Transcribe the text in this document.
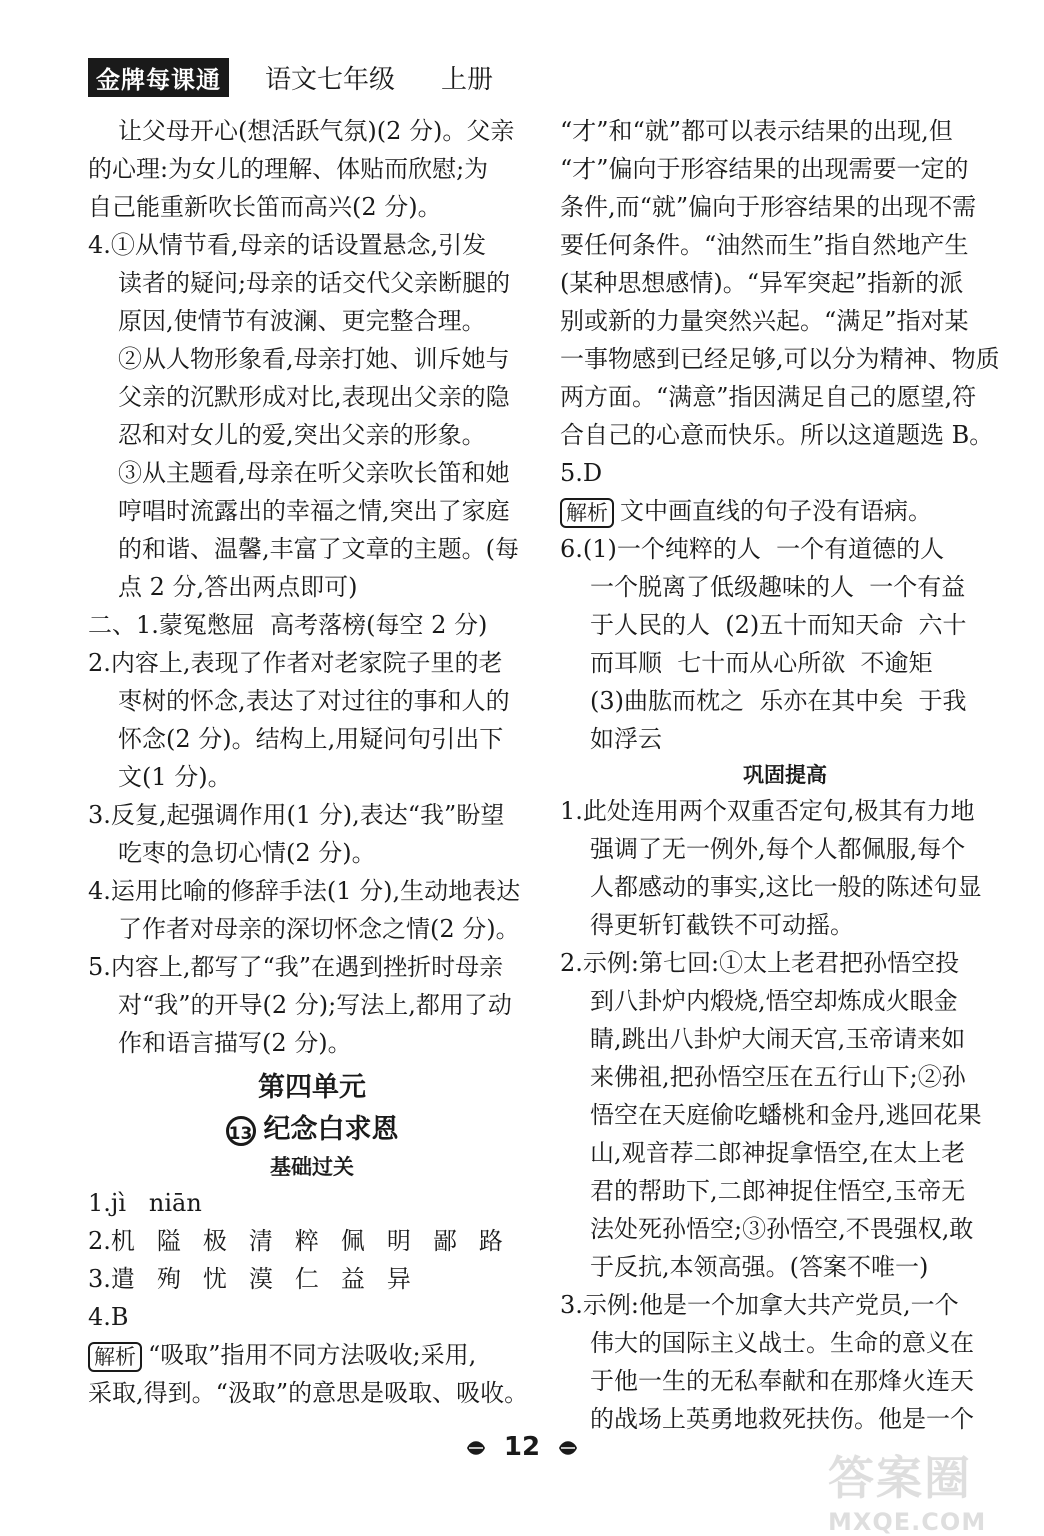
金牌每课通	语文七年级 上册
让父母开心(想活跃气氛)(2 分)。父亲
的心理:为女儿的理解、体贴而欣慰;为
自己能重新吹长笛而高兴(2 分)。
4.①从情节看,母亲的话设置悬念,引发
读者的疑问;母亲的话交代父亲断腿的
原因,使情节有波澜、更完整合理。
②从人物形象看,母亲打她、训斥她与
父亲的沉默形成对比,表现出父亲的隐
忍和对女儿的爱,突出父亲的形象。
③从主题看,母亲在听父亲吹长笛和她
哼唱时流露出的幸福之情,突出了家庭
的和谐、温馨,丰富了文章的主题。(每
点 2 分,答出两点即可)
二、1.蒙冤憋屈  高考落榜(每空 2 分)
2.内容上,表现了作者对老家院子里的老
枣树的怀念,表达了对过往的事和人的
怀念(2 分)。结构上,用疑问句引出下
文(1 分)。
3.反复,起强调作用(1 分),表达“我”盼望
吃枣的急切心情(2 分)。
4.运用比喻的修辞手法(1 分),生动地表达
了作者对母亲的深切怀念之情(2 分)。
5.内容上,都写了“我”在遇到挫折时母亲
对“我”的开导(2 分);写法上,都用了动
作和语言描写(2 分)。
第四单元
13 纪念白求恩
基础过关
1.jì   niān
2.机 隘 极 清 粹 佩 明 鄙 路
3.遣 殉 忧 漠 仁 益 异
4.B
解析 “吸取”指用不同方法吸收;采用,
采取,得到。“汲取”的意思是吸取、吸收。
“才”和“就”都可以表示结果的出现,但
“才”偏向于形容结果的出现需要一定的
条件,而“就”偏向于形容结果的出现不需
要任何条件。“油然而生”指自然地产生
(某种思想感情)。“异军突起”指新的派
别或新的力量突然兴起。“满足”指对某
一事物感到已经足够,可以分为精神、物质
两方面。“满意”指因满足自己的愿望,符
合自己的心意而快乐。所以这道题选 B。
5.D
解析 文中画直线的句子没有语病。
6.(1)一个纯粹的人  一个有道德的人
一个脱离了低级趣味的人  一个有益
于人民的人  (2)五十而知天命  六十
而耳顺  七十而从心所欲  不逾矩
(3)曲肱而枕之  乐亦在其中矣  于我
如浮云
巩固提高
1.此处连用两个双重否定句,极其有力地
强调了无一例外,每个人都佩服,每个
人都感动的事实,这比一般的陈述句显
得更斩钉截铁不可动摇。
2.示例:第七回:①太上老君把孙悟空投
到八卦炉内煅烧,悟空却炼成火眼金
睛,跳出八卦炉大闹天宫,玉帝请来如
来佛祖,把孙悟空压在五行山下;②孙
悟空在天庭偷吃蟠桃和金丹,逃回花果
山,观音荐二郎神捉拿悟空,在太上老
君的帮助下,二郎神捉住悟空,玉帝无
法处死孙悟空;③孙悟空,不畏强权,敢
于反抗,本领高强。(答案不唯一)
3.示例:他是一个加拿大共产党员,一个
伟大的国际主义战士。生命的意义在
于他一生的无私奉献和在那烽火连天
的战场上英勇地救死扶伤。他是一个
12
答案圈
MXQE.COM
